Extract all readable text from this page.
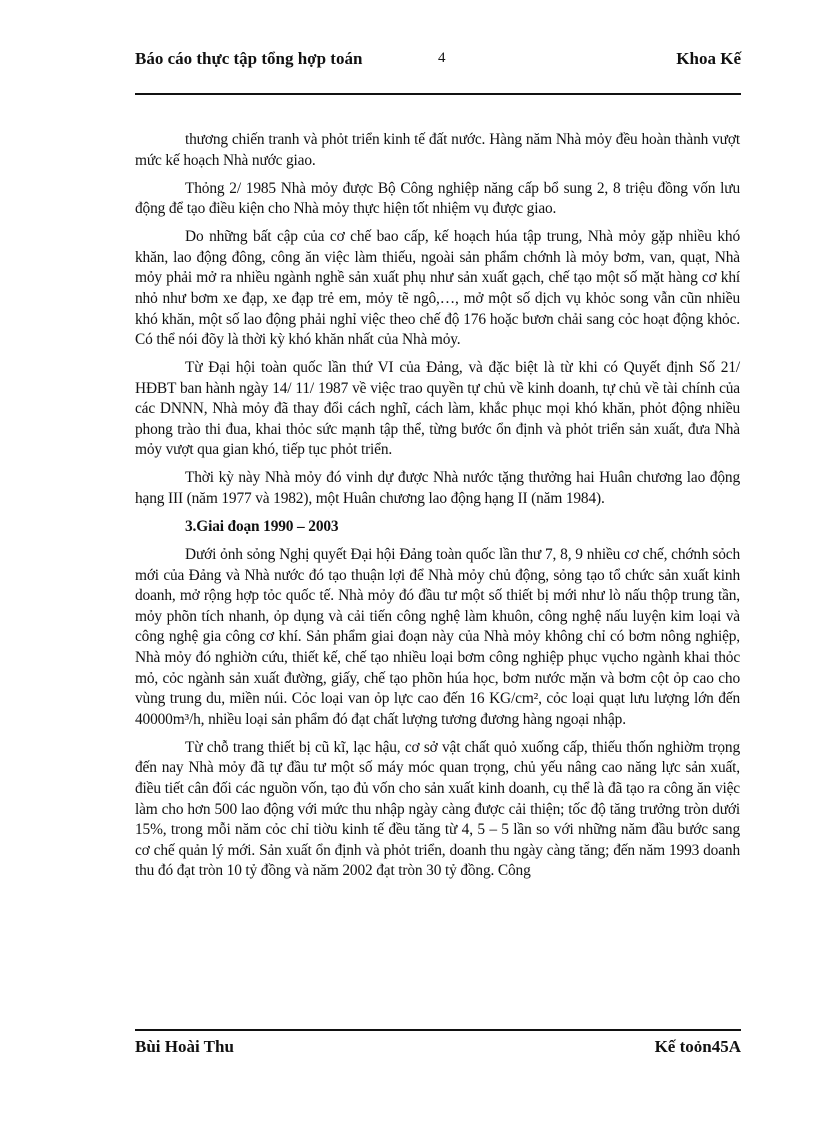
Báo cáo thực tập tổng hợp toán	4	Khoa Kế

thương chiến tranh và phỏt triển kinh tế đất nước. Hàng năm Nhà mỏy đều hoàn thành vượt mức kế hoạch Nhà nước giao.

Thỏng 2/ 1985 Nhà mỏy được Bộ Công nghiệp năng cấp bổ sung 2, 8 triệu đồng vốn lưu động để tạo điều kiện cho Nhà mỏy thực hiện tốt nhiệm vụ được giao.

Do những bất cập của cơ chế bao cấp, kế hoạch húa tập trung, Nhà mỏy gặp nhiều khó khăn, lao động đông, công ăn việc làm thiếu, ngoài sản phẩm chớnh là mỏy bơm, van, quạt, Nhà mỏy phải mở ra nhiều ngành nghề sản xuất phụ như sản xuất gạch, chế tạo một số mặt hàng cơ khí nhỏ như bơm xe đạp, xe đạp trẻ em, mỏy tẽ ngô,…, mở một số dịch vụ khỏc song vẫn cũn nhiều khó khăn, một số lao động phải nghỉ việc theo chế độ 176 hoặc bươn chải sang cỏc hoạt động khỏc. Có thể nói đõy là thời kỳ khó khăn nhất của Nhà mỏy.

Từ Đại hội toàn quốc lần thứ VI của Đảng, và đặc biệt là từ khi có Quyết định Số 21/ HĐBT ban hành ngày 14/ 11/ 1987 về việc trao quyền tự chủ về kinh doanh, tự chủ về tài chính của các DNNN, Nhà mỏy đã thay đổi cách nghĩ, cách làm, khắc phục mọi khó khăn, phỏt động nhiều phong trào thi đua, khai thỏc sức mạnh tập thể, từng bước ổn định và phỏt triển sản xuất, đưa Nhà mỏy vượt qua gian khó, tiếp tục phỏt triển.

Thời kỳ này Nhà mỏy đó vinh dự được Nhà nước tặng thưởng hai Huân chương lao động hạng III (năm 1977 và 1982), một Huân chương lao động hạng II (năm 1984).

3.Giai đoạn 1990 – 2003

Dưới ỏnh sỏng Nghị quyết Đại hội Đảng toàn quốc lần thư 7, 8, 9 nhiều cơ chế, chớnh sỏch mới của Đảng và Nhà nước đó tạo thuận lợi để Nhà mỏy chủ động, sỏng tạo tổ chức sản xuất kinh doanh, mở rộng hợp tỏc quốc tế. Nhà mỏy đó đầu tư một số thiết bị mới như lò nấu thộp trung tần, mỏy phõn tích nhanh, ỏp dụng và cải tiến công nghệ làm khuôn, công nghệ nấu luyện kim loại và công nghệ gia công cơ khí. Sản phẩm giai đoạn này của Nhà mỏy không chỉ có bơm nông nghiệp, Nhà mỏy đó nghiờn cứu, thiết kế, chế tạo nhiều loại bơm công nghiệp phục vụcho ngành khai thỏc mỏ, cỏc ngành sản xuất đường, giấy, chế tạo phõn húa học, bơm nước mặn và bơm cột ỏp cao cho vùng trung du, miền núi. Cỏc loại van ỏp lực cao đến 16 KG/cm², cỏc loại quạt lưu lượng lớn đến 40000m³/h, nhiều loại sản phẩm đó đạt chất lượng tương đương hàng ngoại nhập.

Từ chỗ trang thiết bị cũ kĩ, lạc hậu, cơ sở vật chất quỏ xuống cấp, thiếu thốn nghiờm trọng đến nay Nhà mỏy đã tự đầu tư một số máy móc quan trọng, chủ yếu nâng cao năng lực sản xuất, điều tiết cân đối các nguồn vốn, tạo đủ vốn cho sản xuất kinh doanh, cụ thể là đã tạo ra công ăn việc làm cho hơn 500 lao động với mức thu nhập ngày càng được cải thiện; tốc độ tăng trưởng tròn dưới 15%, trong mỗi năm cỏc chỉ tiờu kinh tế đều tăng từ 4, 5 – 5 lần so với những năm đầu bước sang cơ chế quản lý mới. Sản xuất ổn định và phỏt triển, doanh thu ngày càng tăng; đến năm 1993 doanh thu đó đạt tròn 10 tỷ đồng và năm 2002 đạt tròn 30 tỷ đồng. Công

Bùi Hoài Thu	Kế toỏn45A
